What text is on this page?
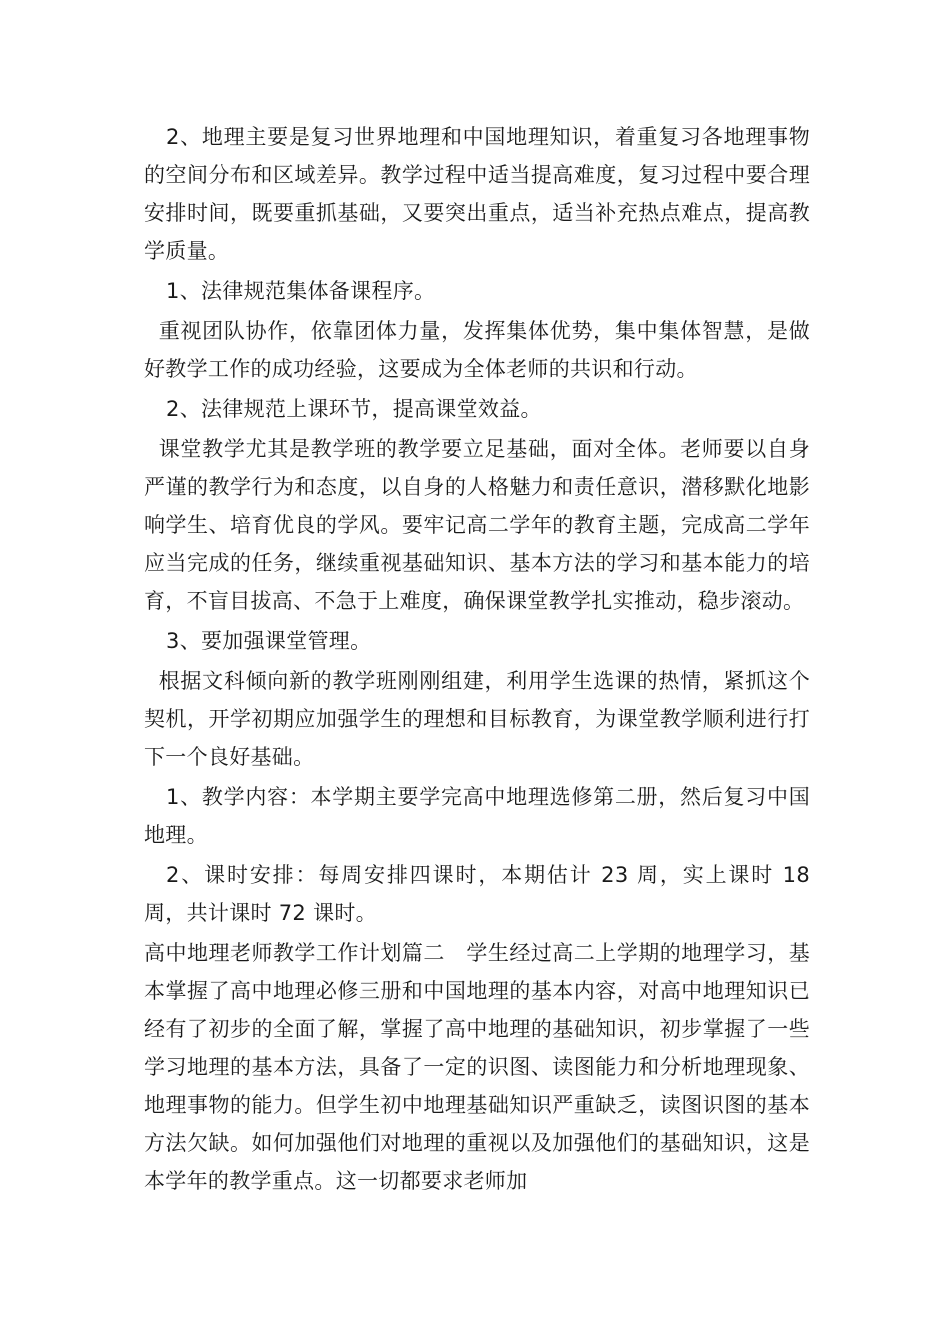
2、地理主要是复习世界地理和中国地理知识，着重复习各地理事物的空间分布和区域差异。教学过程中适当提高难度，复习过程中要合理安排时间，既要重抓基础，又要突出重点，适当补充热点难点，提高教学质量。

1、法律规范集体备课程序。

重视团队协作，依靠团体力量，发挥集体优势，集中集体智慧，是做好教学工作的成功经验，这要成为全体老师的共识和行动。

2、法律规范上课环节，提高课堂效益。

课堂教学尤其是教学班的教学要立足基础，面对全体。老师要以自身严谨的教学行为和态度，以自身的人格魅力和责任意识，潜移默化地影响学生、培育优良的学风。要牢记高二学年的教育主题，完成高二学年应当完成的任务，继续重视基础知识、基本方法的学习和基本能力的培育，不盲目拔高、不急于上难度，确保课堂教学扎实推动，稳步滚动。

3、要加强课堂管理。

根据文科倾向新的教学班刚刚组建，利用学生选课的热情，紧抓这个契机，开学初期应加强学生的理想和目标教育，为课堂教学顺利进行打下一个良好基础。

1、教学内容：本学期主要学完高中地理选修第二册，然后复习中国地理。

2、课时安排：每周安排四课时，本期估计 23 周，实上课时 18 周，共计课时 72 课时。

高中地理老师教学工作计划篇二　学生经过高二上学期的地理学习，基本掌握了高中地理必修三册和中国地理的基本内容，对高中地理知识已经有了初步的全面了解，掌握了高中地理的基础知识，初步掌握了一些学习地理的基本方法，具备了一定的识图、读图能力和分析地理现象、地理事物的能力。但学生初中地理基础知识严重缺乏，读图识图的基本方法欠缺。如何加强他们对地理的重视以及加强他们的基础知识，这是本学年的教学重点。这一切都要求老师加
